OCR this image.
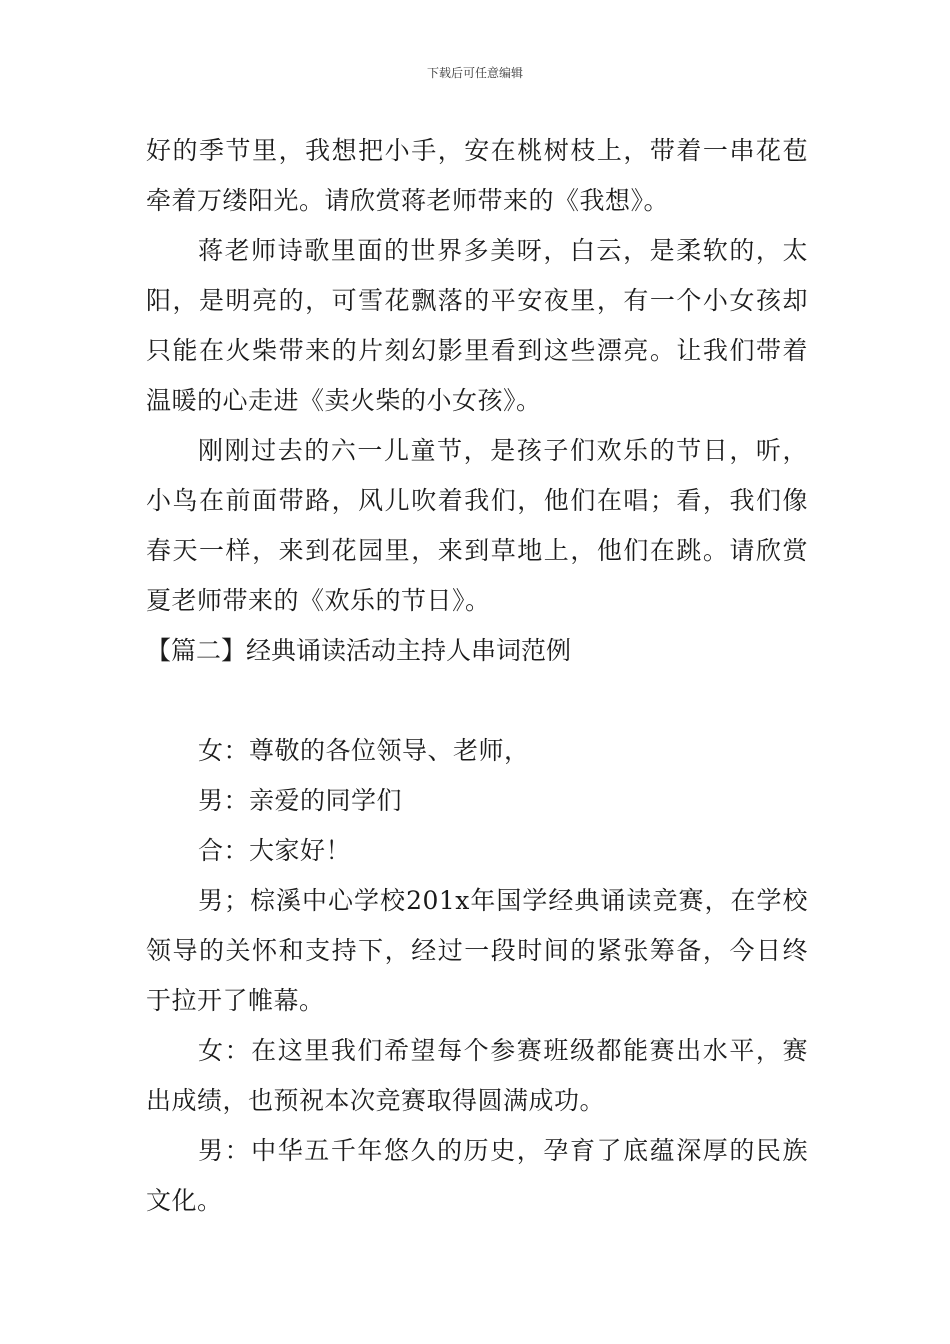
下载后可任意编辑

好的季节里，我想把小手，安在桃树枝上，带着一串花苞牵着万缕阳光。请欣赏蒋老师带来的《我想》。

蒋老师诗歌里面的世界多美呀，白云，是柔软的，太阳，是明亮的，可雪花飘落的平安夜里，有一个小女孩却只能在火柴带来的片刻幻影里看到这些漂亮。让我们带着温暖的心走进《卖火柴的小女孩》。

刚刚过去的六一儿童节，是孩子们欢乐的节日，听，小鸟在前面带路，风儿吹着我们，他们在唱；看，我们像春天一样，来到花园里，来到草地上，他们在跳。请欣赏夏老师带来的《欢乐的节日》。

【篇二】经典诵读活动主持人串词范例

女：尊敬的各位领导、老师，

男：亲爱的同学们

合：大家好！

男；棕溪中心学校201x年国学经典诵读竞赛，在学校领导的关怀和支持下，经过一段时间的紧张筹备，今日终于拉开了帷幕。

女：在这里我们希望每个参赛班级都能赛出水平，赛出成绩，也预祝本次竞赛取得圆满成功。

男：中华五千年悠久的历史，孕育了底蕴深厚的民族文化。
